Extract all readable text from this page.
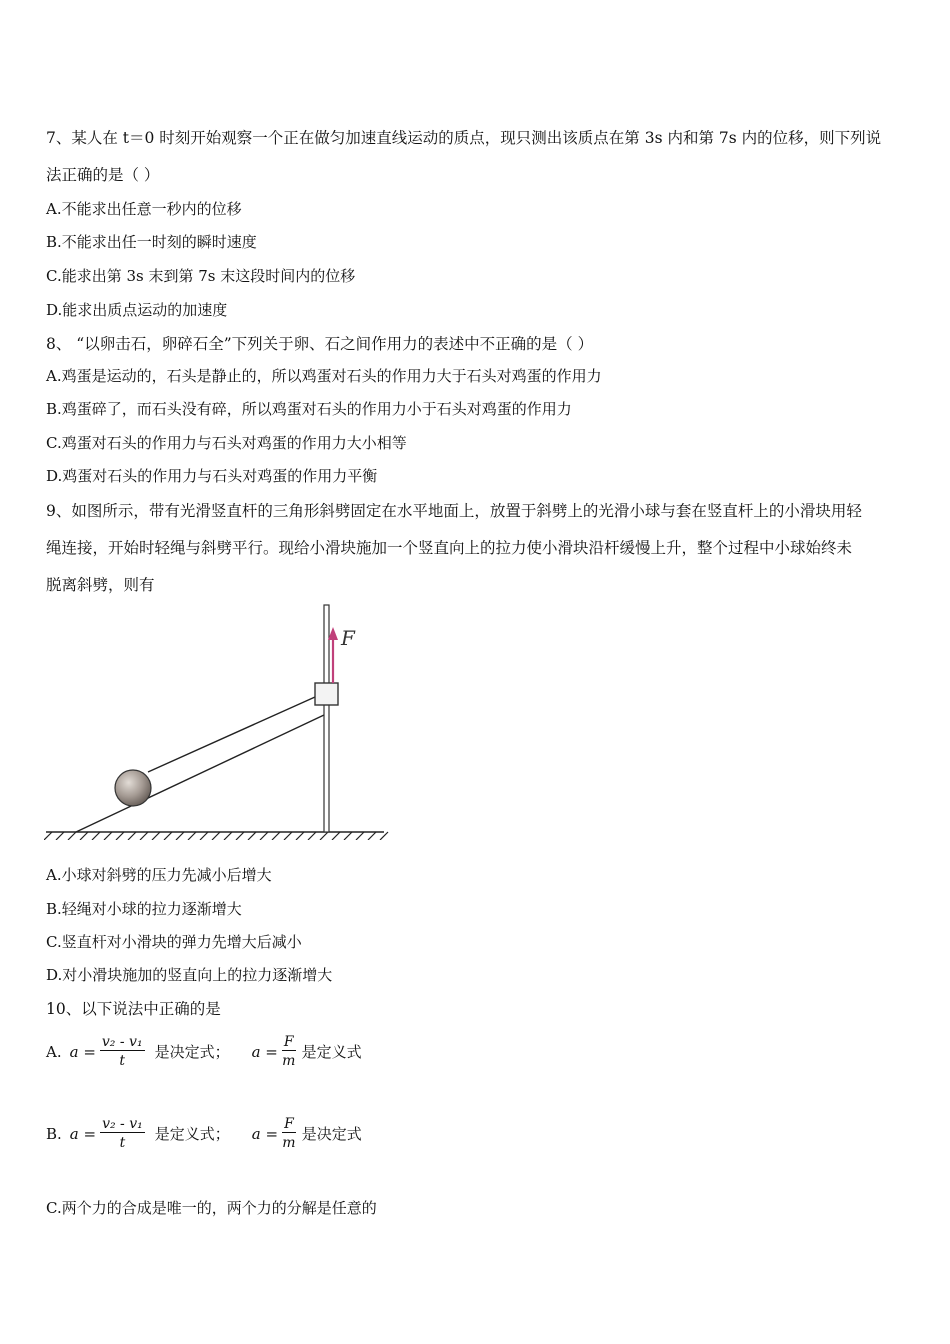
7、某人在 t＝0 时刻开始观察一个正在做匀加速直线运动的质点，现只测出该质点在第 3s 内和第 7s 内的位移，则下列说
法正确的是（ ）
A.不能求出任意一秒内的位移
B.不能求出任一时刻的瞬时速度
C.能求出第 3s 末到第 7s 末这段时间内的位移
D.能求出质点运动的加速度
8、 “以卵击石，卵碎石全”下列关于卵、石之间作用力的表述中不正确的是（ ）
A.鸡蛋是运动的，石头是静止的，所以鸡蛋对石头的作用力大于石头对鸡蛋的作用力
B.鸡蛋碎了，而石头没有碎，所以鸡蛋对石头的作用力小于石头对鸡蛋的作用力
C.鸡蛋对石头的作用力与石头对鸡蛋的作用力大小相等
D.鸡蛋对石头的作用力与石头对鸡蛋的作用力平衡
9、如图所示，带有光滑竖直杆的三角形斜劈固定在水平地面上，放置于斜劈上的光滑小球与套在竖直杆上的小滑块用轻
绳连接，开始时轻绳与斜劈平行。现给小滑块施加一个竖直向上的拉力使小滑块沿杆缓慢上升，整个过程中小球始终未
脱离斜劈，则有
F
A.小球对斜劈的压力先减小后增大
B.轻绳对小球的拉力逐渐增大
C.竖直杆对小滑块的弹力先增大后减小
D.对小滑块施加的竖直向上的拉力逐渐增大
10、以下说法中正确的是
A. $a = \frac{\text{v₂ - v₁}}{t}$ 是决定式； $a = \frac{F}{m}$ 是定义式
B. $a = \frac{\text{v₂ - v₁}}{t}$ 是定义式； $a = \frac{F}{m}$ 是决定式
C.两个力的合成是唯一的，两个力的分解是任意的
